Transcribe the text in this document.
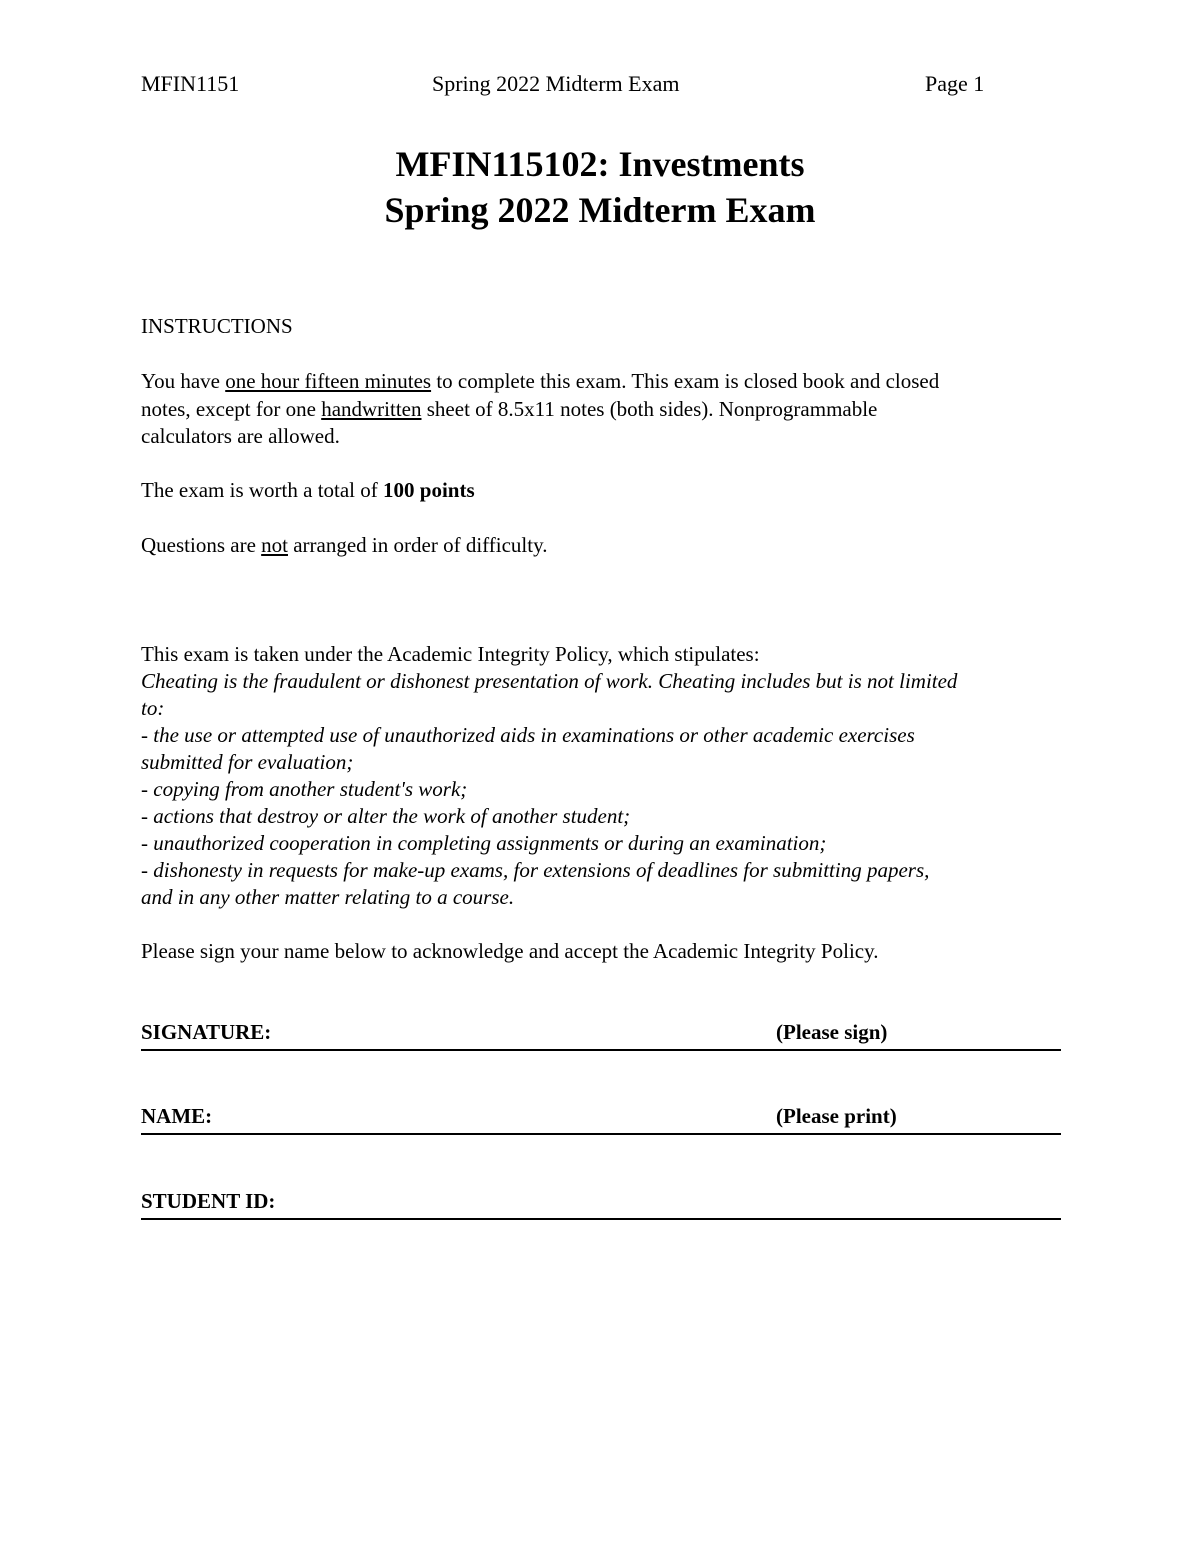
MFIN1151	Spring 2022 Midterm Exam	Page 1
MFIN115102: Investments
Spring 2022 Midterm Exam
INSTRUCTIONS
You have one hour fifteen minutes to complete this exam. This exam is closed book and closed
notes, except for one handwritten sheet of 8.5x11 notes (both sides). Nonprogrammable
calculators are allowed.
The exam is worth a total of 100 points
Questions are not arranged in order of difficulty.
This exam is taken under the Academic Integrity Policy, which stipulates:
Cheating is the fraudulent or dishonest presentation of work. Cheating includes but is not limited
to:
- the use or attempted use of unauthorized aids in examinations or other academic exercises
submitted for evaluation;
- copying from another student's work;
- actions that destroy or alter the work of another student;
- unauthorized cooperation in completing assignments or during an examination;
- dishonesty in requests for make-up exams, for extensions of deadlines for submitting papers,
and in any other matter relating to a course.
Please sign your name below to acknowledge and accept the Academic Integrity Policy.
SIGNATURE:	(Please sign)
NAME:	(Please print)
STUDENT ID:
